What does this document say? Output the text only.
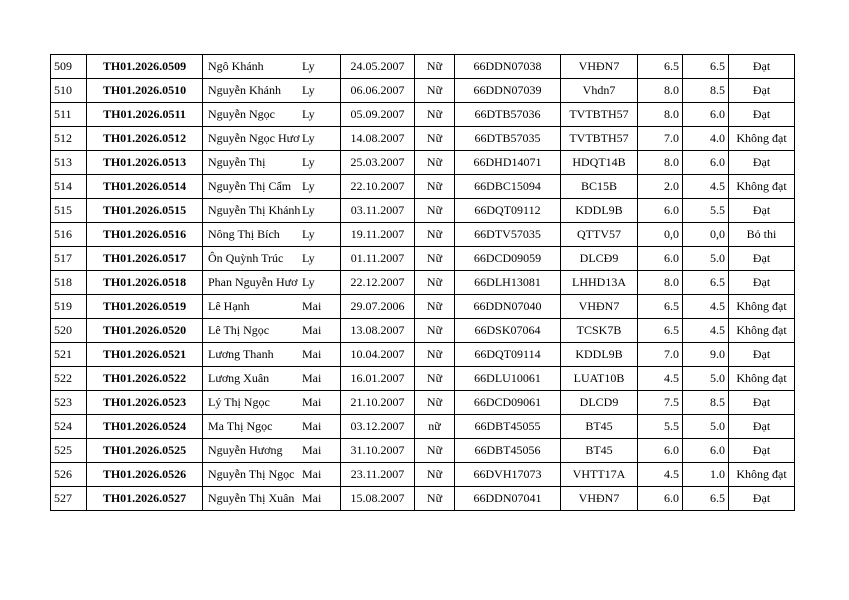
509	TH01.2026.0509	Ngô Khánh Ly	24.05.2007	Nữ	66DDN07038	VHĐN7	6.5	6.5	Đạt
510	TH01.2026.0510	Nguyễn Khánh Ly	06.06.2007	Nữ	66DDN07039	Vhdn7	8.0	8.5	Đạt
511	TH01.2026.0511	Nguyễn Ngọc Ly	05.09.2007	Nữ	66DTB57036	TVTBTH57	8.0	6.0	Đạt
512	TH01.2026.0512	Nguyễn Ngọc Hươ Ly	14.08.2007	Nữ	66DTB57035	TVTBTH57	7.0	4.0	Không đạt
513	TH01.2026.0513	Nguyễn Thị Ly	25.03.2007	Nữ	66DHD14071	HDQT14B	8.0	6.0	Đạt
514	TH01.2026.0514	Nguyễn Thị Cẩm Ly	22.10.2007	Nữ	66DBC15094	BC15B	2.0	4.5	Không đạt
515	TH01.2026.0515	Nguyễn Thị Khánh Ly	03.11.2007	Nữ	66DQT09112	KDDL9B	6.0	5.5	Đạt
516	TH01.2026.0516	Nông Thị Bích Ly	19.11.2007	Nữ	66DTV57035	QTTV57	0,0	0,0	Bỏ thi
517	TH01.2026.0517	Ôn Quỳnh Trúc Ly	01.11.2007	Nữ	66DCD09059	DLCĐ9	6.0	5.0	Đạt
518	TH01.2026.0518	Phan Nguyễn Hươ Ly	22.12.2007	Nữ	66DLH13081	LHHD13A	8.0	6.5	Đạt
519	TH01.2026.0519	Lê Hạnh Mai	29.07.2006	Nữ	66DDN07040	VHĐN7	6.5	4.5	Không đạt
520	TH01.2026.0520	Lê Thị Ngọc Mai	13.08.2007	Nữ	66DSK07064	TCSK7B	6.5	4.5	Không đạt
521	TH01.2026.0521	Lương Thanh Mai	10.04.2007	Nữ	66DQT09114	KDDL9B	7.0	9.0	Đạt
522	TH01.2026.0522	Lương Xuân Mai	16.01.2007	Nữ	66DLU10061	LUAT10B	4.5	5.0	Không đạt
523	TH01.2026.0523	Lý Thị Ngọc Mai	21.10.2007	Nữ	66DCD09061	DLCD9	7.5	8.5	Đạt
524	TH01.2026.0524	Ma Thị Ngọc Mai	03.12.2007	nữ	66DBT45055	BT45	5.5	5.0	Đạt
525	TH01.2026.0525	Nguyễn Hương Mai	31.10.2007	Nữ	66DBT45056	BT45	6.0	6.0	Đạt
526	TH01.2026.0526	Nguyễn Thị Ngọc Mai	23.11.2007	Nữ	66DVH17073	VHTT17A	4.5	1.0	Không đạt
527	TH01.2026.0527	Nguyễn Thị Xuân Mai	15.08.2007	Nữ	66DDN07041	VHĐN7	6.0	6.5	Đạt
